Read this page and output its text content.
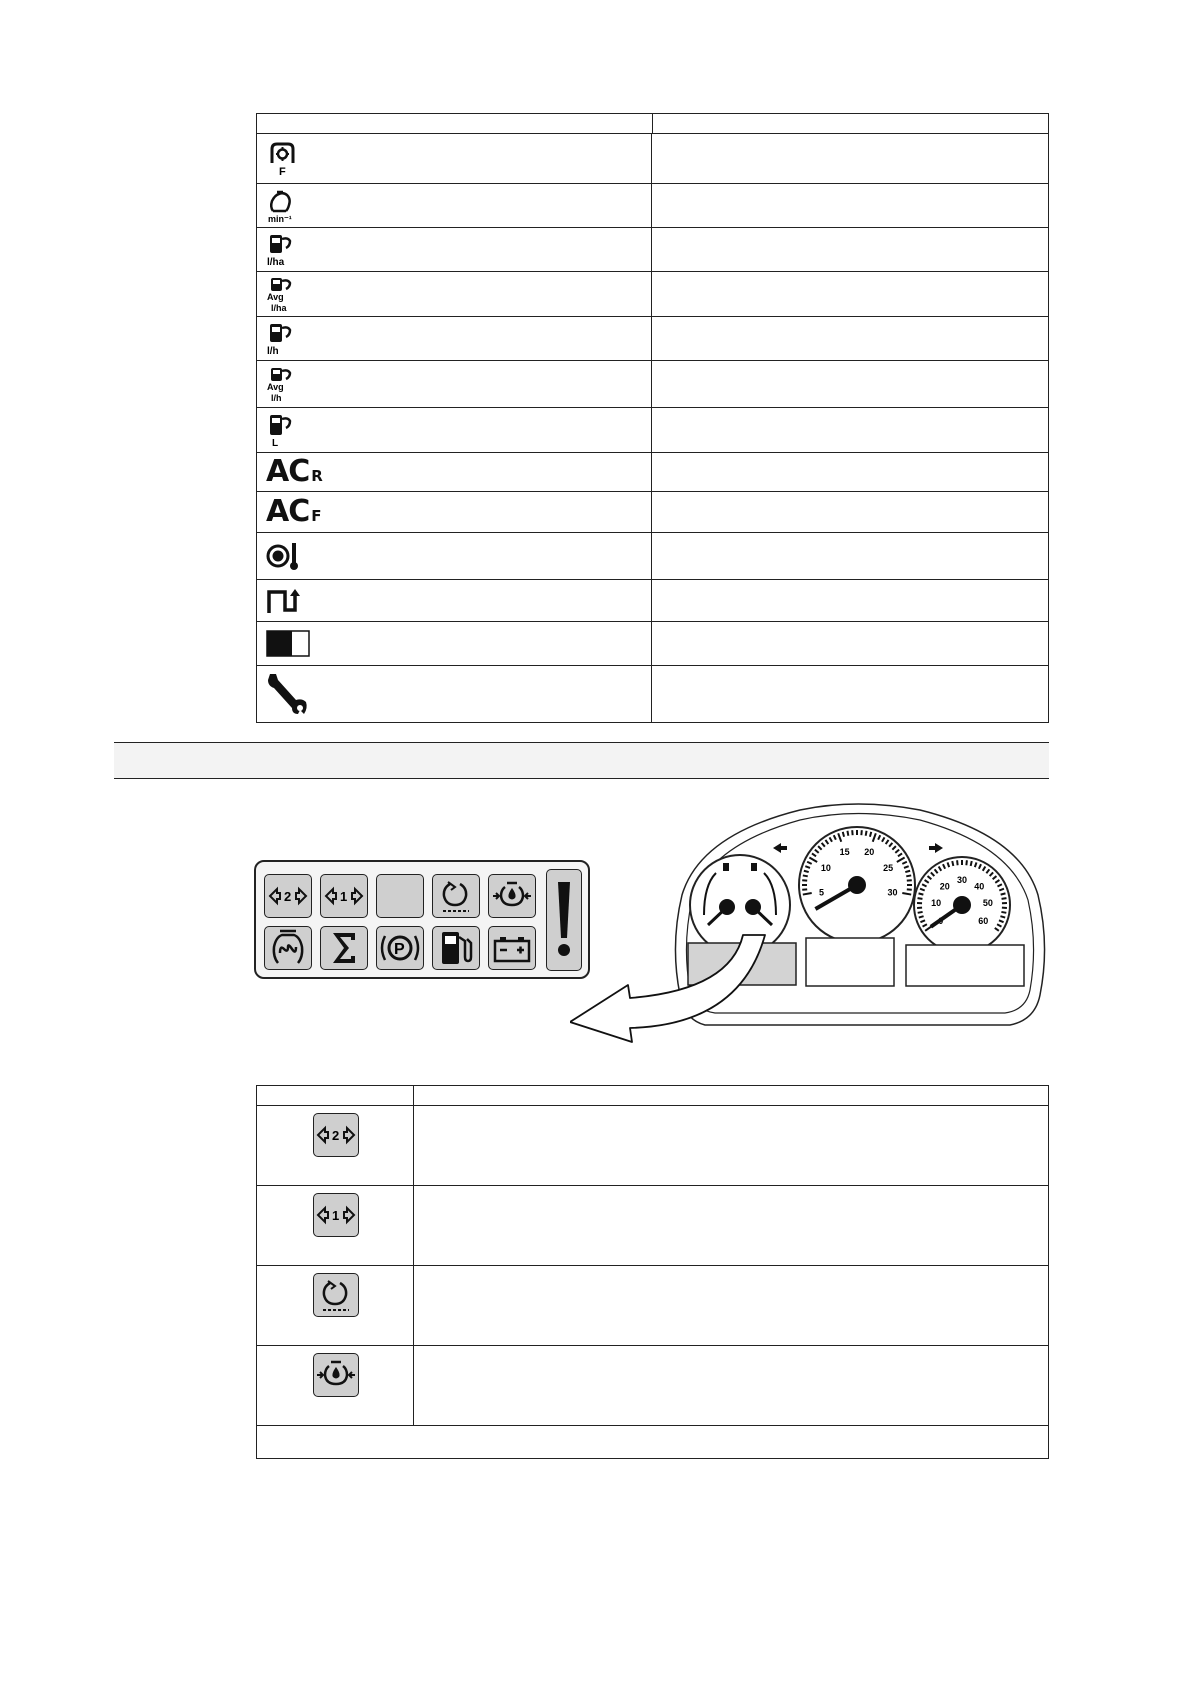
F
min⁻¹
l/ha
Avg
l/ha
l/h
Avg
l/h
L
AC R
AC F
2	1
P
5
10
15 20
25
30
10
20
30
40
50
60
2
1
